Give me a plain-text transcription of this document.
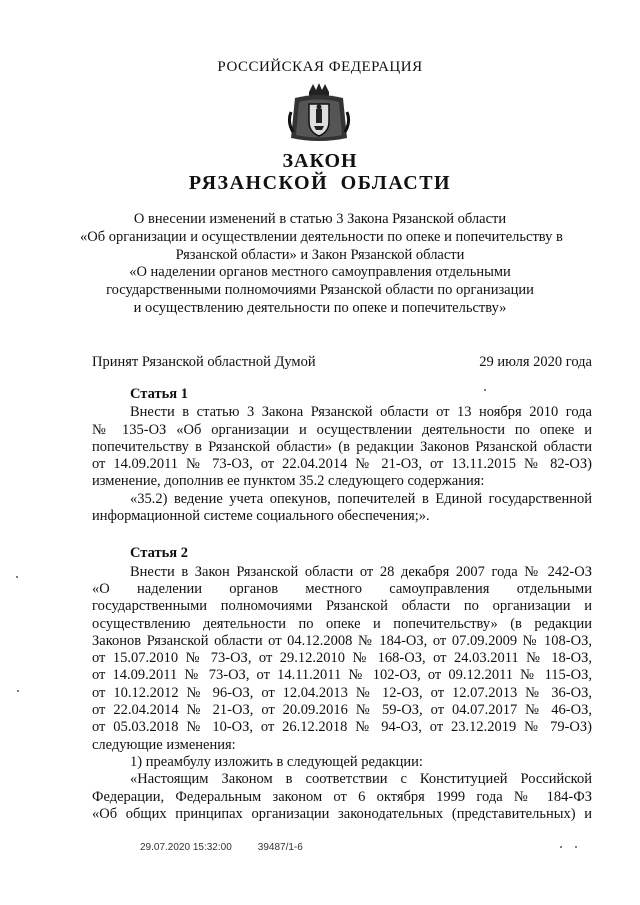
РОССИЙСКАЯ ФЕДЕРАЦИЯ
ЗАКОН
РЯЗАНСКОЙ ОБЛАСТИ
О внесении изменений в статью 3 Закона Рязанской области
«Об организации и осуществлении деятельности по опеке и попечительству в
Рязанской области» и Закон Рязанской области
«О наделении органов местного самоуправления отдельными
государственными полномочиями Рязанской области по организации
и осуществлению деятельности по опеке и попечительству»
Принят Рязанской областной Думой	29 июля 2020 года
Статья 1
Внести в статью 3 Закона Рязанской области от 13 ноября 2010 года
№ 135-ОЗ «Об организации и осуществлении деятельности по опеке и
попечительству в Рязанской области» (в редакции Законов Рязанской области
от 14.09.2011 № 73-ОЗ, от 22.04.2014 № 21-ОЗ, от 13.11.2015 № 82-ОЗ)
изменение, дополнив ее пунктом 35.2 следующего содержания:
«35.2) ведение учета опекунов, попечителей в Единой государственной
информационной системе социального обеспечения;».
Статья 2
Внести в Закон Рязанской области от 28 декабря 2007 года № 242-ОЗ
«О наделении органов местного самоуправления отдельными
государственными полномочиями Рязанской области по организации и
осуществлению деятельности по опеке и попечительству» (в редакции
Законов Рязанской области от 04.12.2008 № 184-ОЗ, от 07.09.2009 № 108-ОЗ,
от 15.07.2010 № 73-ОЗ, от 29.12.2010 № 168-ОЗ, от 24.03.2011 № 18-ОЗ,
от 14.09.2011 № 73-ОЗ, от 14.11.2011 № 102-ОЗ, от 09.12.2011 № 115-ОЗ,
от 10.12.2012 № 96-ОЗ, от 12.04.2013 № 12-ОЗ, от 12.07.2013 № 36-ОЗ,
от 22.04.2014 № 21-ОЗ, от 20.09.2016 № 59-ОЗ, от 04.07.2017 № 46-ОЗ,
от 05.03.2018 № 10-ОЗ, от 26.12.2018 № 94-ОЗ, от 23.12.2019 № 79-ОЗ)
следующие изменения:
1) преамбулу изложить в следующей редакции:
«Настоящим Законом в соответствии с Конституцией Российской
Федерации, Федеральным законом от 6 октября 1999 года № 184-ФЗ
«Об общих принципах организации законодательных (представительных) и
29.07.2020 15:32:00	39487/1-6
